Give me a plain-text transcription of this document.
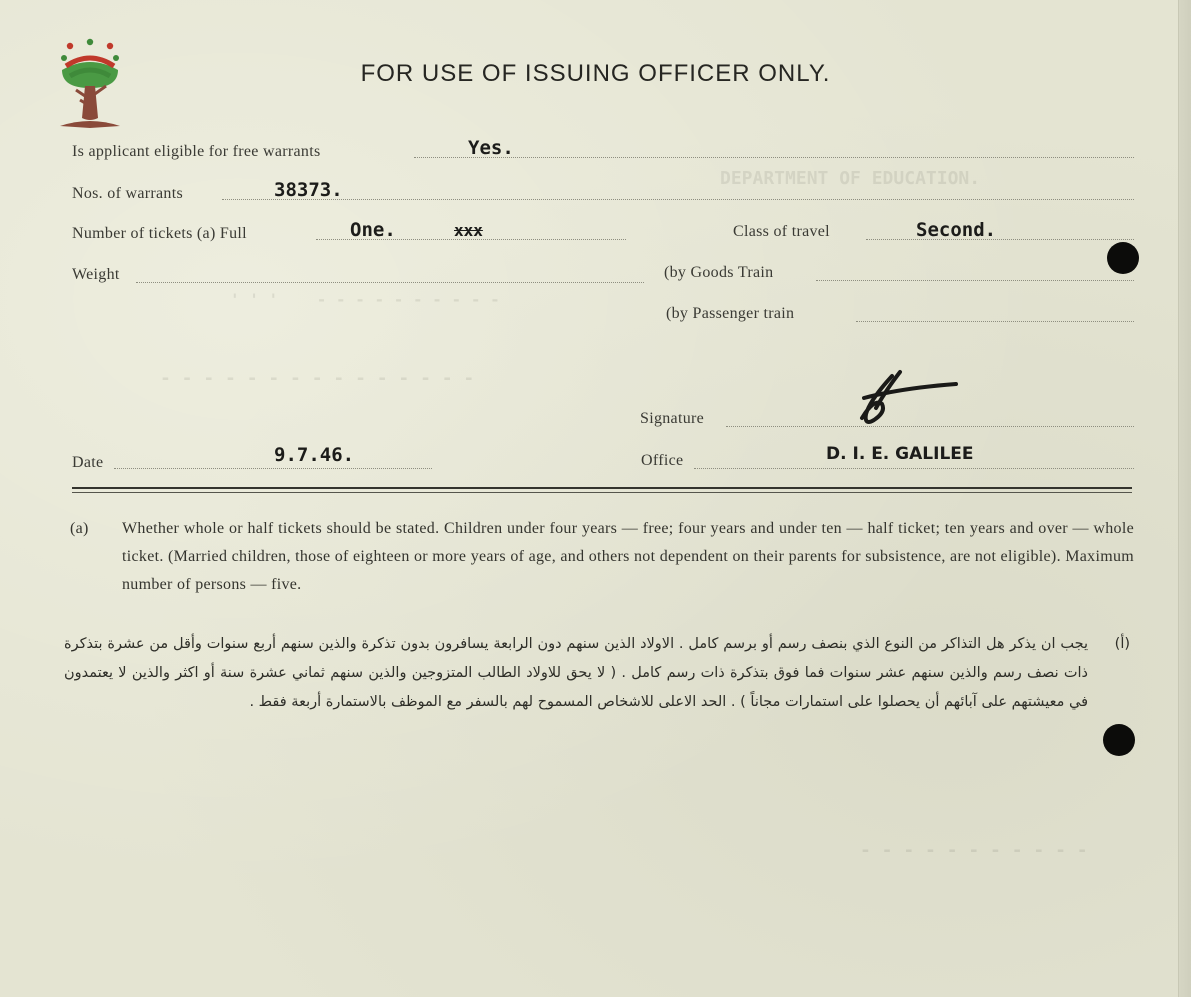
DEPARTMENT OF EDUCATION.
' ' '    - - - - - - - - - -
- - - - - - - - - - - - - - -
- - - - - - - - - - -
FOR USE OF ISSUING OFFICER ONLY.
Is applicant eligible for free warrants	Yes.
Nos. of warrants	38373.
Number of tickets (a) Full	One.	xxx	Class of travel	Second.
Weight	(by Goods Train
(by Passenger train
Signature
Date	9.7.46.	Office	D. I. E. GALILEE
(a) Whether whole or half tickets should be stated. Children under four years — free; four years and under ten — half ticket; ten years and over — whole ticket. (Married children, those of eighteen or more years of age, and others not dependent on their parents for subsistence, are not eligible). Maximum number of persons — five.
(أ)
يجب ان يذكر هل التذاكر من النوع الذي بنصف رسم أو برسم كامل . الاولاد الذين سنهم دون الرابعة يسافرون بدون تذكرة والذين سنهم أربع سنوات وأقل من عشرة بتذكرة ذات نصف رسم والذين سنهم عشر سنوات فما فوق بتذكرة ذات رسم كامل . ( لا يحق للاولاد الطالب المتزوجين والذين سنهم ثماني عشرة سنة أو اكثر والذين لا يعتمدون في معيشتهم على آبائهم أن يحصلوا على استمارات مجاناً ) . الحد الاعلى للاشخاص المسموح لهم بالسفر مع الموظف بالاستمارة أربعة فقط .
